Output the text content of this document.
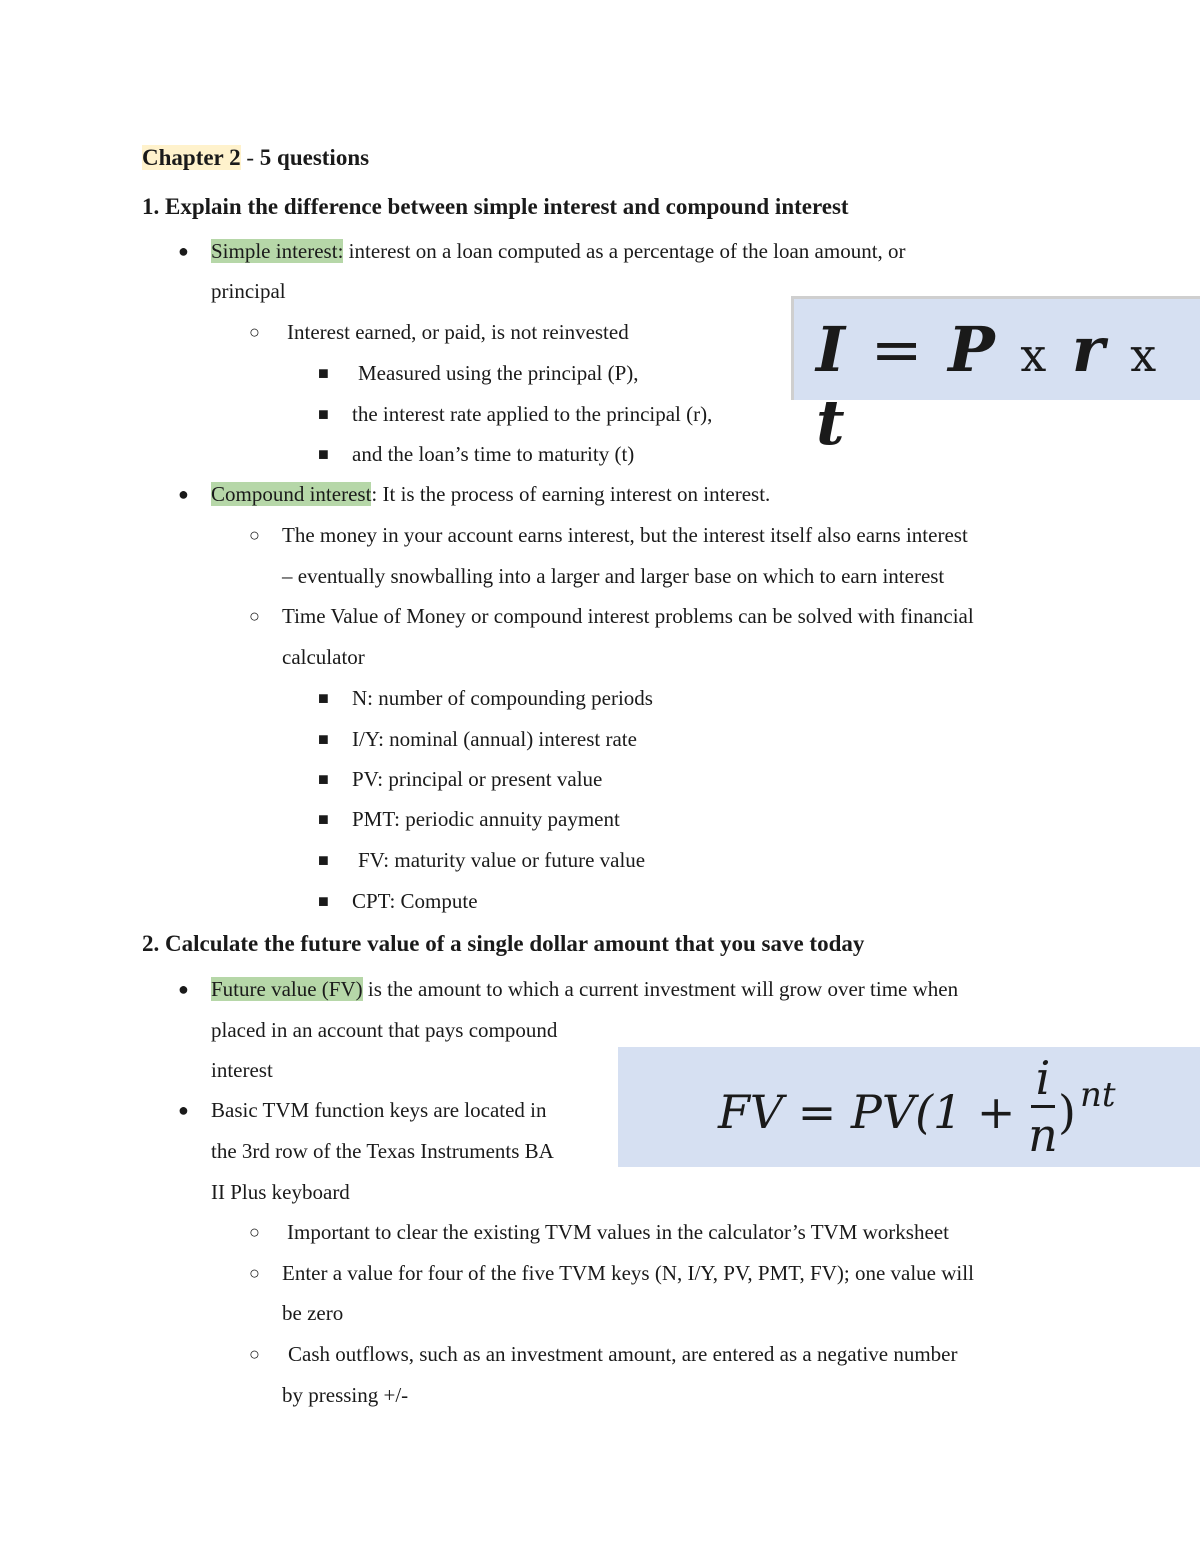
Chapter 2 - 5 questions
1. Explain the difference between simple interest and compound interest
● Simple interest: interest on a loan computed as a percentage of the loan amount, or
principal
○ Interest earned, or paid, is not reinvested
■ Measured using the principal (P),
■ the interest rate applied to the principal (r),
■ and the loan’s time to maturity (t)
I = P x r x t
● Compound interest: It is the process of earning interest on interest.
○ The money in your account earns interest, but the interest itself also earns interest
– eventually snowballing into a larger and larger base on which to earn interest
○ Time Value of Money or compound interest problems can be solved with financial
calculator
■ N: number of compounding periods
■ I/Y: nominal (annual) interest rate
■ PV: principal or present value
■ PMT: periodic annuity payment
■ FV: maturity value or future value
■ CPT: Compute
2. Calculate the future value of a single dollar amount that you save today
● Future value (FV) is the amount to which a current investment will grow over time when
placed in an account that pays compound
interest
● Basic TVM function keys are located in
the 3rd row of the Texas Instruments BA
II Plus keyboard
FV = PV(1 +
i
n ) nt
○ Important to clear the existing TVM values in the calculator’s TVM worksheet
○ Enter a value for four of the five TVM keys (N, I/Y, PV, PMT, FV); one value will
be zero
○ Cash outflows, such as an investment amount, are entered as a negative number
by pressing +/-
